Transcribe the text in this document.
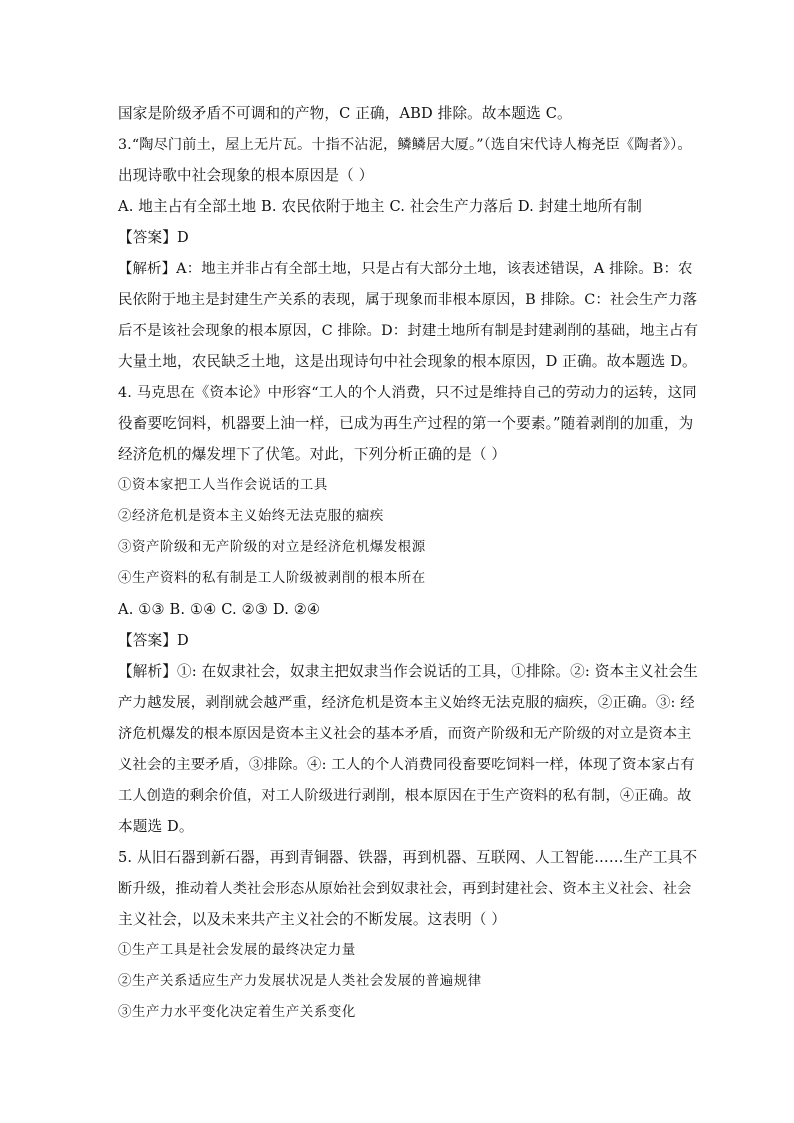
国家是阶级矛盾不可调和的产物，C 正确，ABD 排除。故本题选 C。
3.“陶尽门前土，屋上无片瓦。十指不沾泥，鳞鳞居大厦。”（选自宋代诗人梅尧臣《陶者》）。
出现诗歌中社会现象的根本原因是（ ）
A. 地主占有全部土地 B. 农民依附于地主 C. 社会生产力落后 D. 封建土地所有制
【答案】D
【解析】A：地主并非占有全部土地，只是占有大部分土地，该表述错误，A 排除。B：农
民依附于地主是封建生产关系的表现，属于现象而非根本原因，B 排除。C：社会生产力落
后不是该社会现象的根本原因，C 排除。D：封建土地所有制是封建剥削的基础，地主占有
大量土地，农民缺乏土地，这是出现诗句中社会现象的根本原因，D 正确。故本题选 D。
4. 马克思在《资本论》中形容“工人的个人消费，只不过是维持自己的劳动力的运转，这同
役畜要吃饲料，机器要上油一样，已成为再生产过程的第一个要素。”随着剥削的加重，为
经济危机的爆发埋下了伏笔。对此，下列分析正确的是（ ）
①资本家把工人当作会说话的工具
②经济危机是资本主义始终无法克服的痼疾
③资产阶级和无产阶级的对立是经济危机爆发根源
④生产资料的私有制是工人阶级被剥削的根本所在
A. ①③ B. ①④ C. ②③ D. ②④
【答案】D
【解析】①: 在奴隶社会，奴隶主把奴隶当作会说话的工具，①排除。②: 资本主义社会生
产力越发展，剥削就会越严重，经济危机是资本主义始终无法克服的痼疾，②正确。③: 经
济危机爆发的根本原因是资本主义社会的基本矛盾，而资产阶级和无产阶级的对立是资本主
义社会的主要矛盾，③排除。④: 工人的个人消费同役畜要吃饲料一样，体现了资本家占有
工人创造的剩余价值，对工人阶级进行剥削，根本原因在于生产资料的私有制，④正确。故
本题选 D。
5. 从旧石器到新石器，再到青铜器、铁器，再到机器、互联网、人工智能……生产工具不
断升级，推动着人类社会形态从原始社会到奴隶社会，再到封建社会、资本主义社会、社会
主义社会，以及未来共产主义社会的不断发展。这表明（ ）
①生产工具是社会发展的最终决定力量
②生产关系适应生产力发展状况是人类社会发展的普遍规律
③生产力水平变化决定着生产关系变化
